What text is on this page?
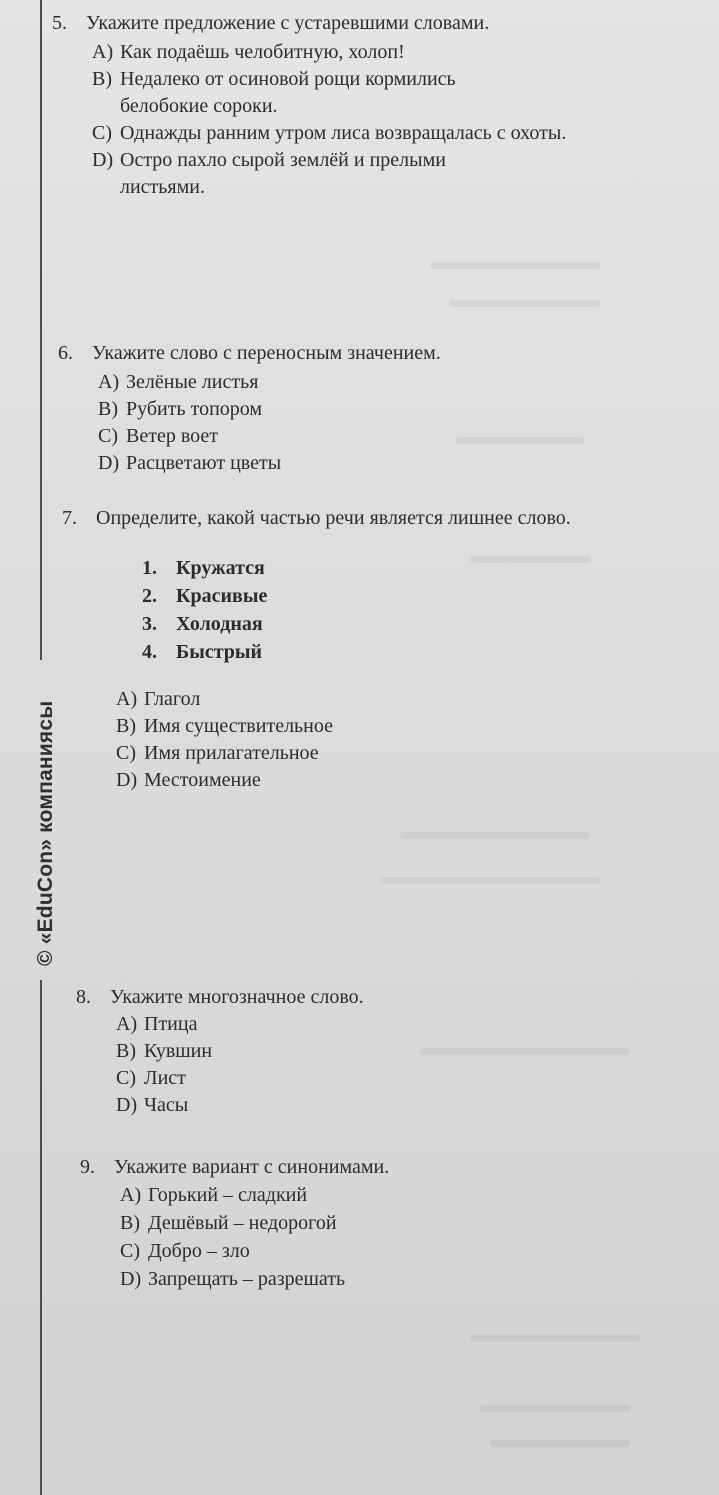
© «EduCon» компаниясы
5. Укажите предложение с устаревшими словами.
A) Как подаёшь челобитную, холоп!
B) Недалеко от осиновой рощи кормились белобокие сороки.
C) Однажды ранним утром лиса возвращалась с охоты.
D) Остро пахло сырой землёй и прелыми листьями.
6. Укажите слово с переносным значением.
A) Зелёные листья
B) Рубить топором
C) Ветер воет
D) Расцветают цветы
7. Определите, какой частью речи является лишнее слово.
1. Кружатся
2. Красивые
3. Холодная
4. Быстрый
A) Глагол
B) Имя существительное
C) Имя прилагательное
D) Местоимение
8. Укажите многозначное слово.
A) Птица
B) Кувшин
C) Лист
D) Часы
9. Укажите вариант с синонимами.
A) Горький – сладкий
B) Дешёвый – недорогой
C) Добро – зло
D) Запрещать – разрешать
